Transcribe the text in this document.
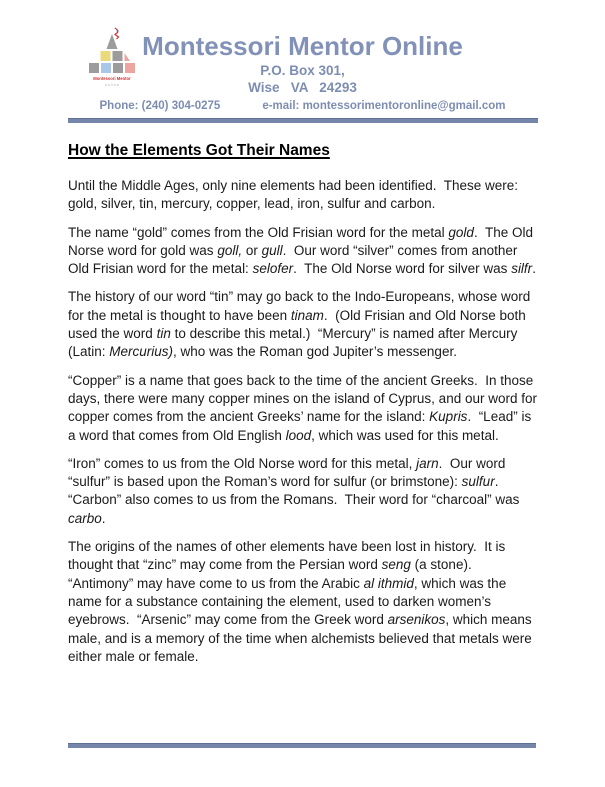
Montessori Mentor
o n l i n e
Montessori Mentor Online
P.O. Box 301,
Wise   VA   24293
Phone: (240) 304-0275	e-mail: montessorimentoronline@gmail.com
How the Elements Got Their Names

Until the Middle Ages, only nine elements had been identified.  These were: gold, silver, tin, mercury, copper, lead, iron, sulfur and carbon.

The name “gold” comes from the Old Frisian word for the metal gold.  The Old Norse word for gold was goll, or gull.  Our word “silver” comes from another Old Frisian word for the metal: selofer.  The Old Norse word for silver was silfr.

The history of our word “tin” may go back to the Indo-Europeans, whose word for the metal is thought to have been tinam.  (Old Frisian and Old Norse both used the word tin to describe this metal.)  “Mercury” is named after Mercury (Latin: Mercurius), who was the Roman god Jupiter’s messenger.

“Copper” is a name that goes back to the time of the ancient Greeks.  In those days, there were many copper mines on the island of Cyprus, and our word for copper comes from the ancient Greeks’ name for the island: Kupris.  “Lead” is a word that comes from Old English lood, which was used for this metal.

“Iron” comes to us from the Old Norse word for this metal, jarn.  Our word “sulfur” is based upon the Roman’s word for sulfur (or brimstone): sulfur.  “Carbon” also comes to us from the Romans.  Their word for “charcoal” was carbo.

The origins of the names of other elements have been lost in history.  It is thought that “zinc” may come from the Persian word seng (a stone).  “Antimony” may have come to us from the Arabic al ithmid, which was the name for a substance containing the element, used to darken women’s eyebrows.  “Arsenic” may come from the Greek word arsenikos, which means male, and is a memory of the time when alchemists believed that metals were either male or female.
